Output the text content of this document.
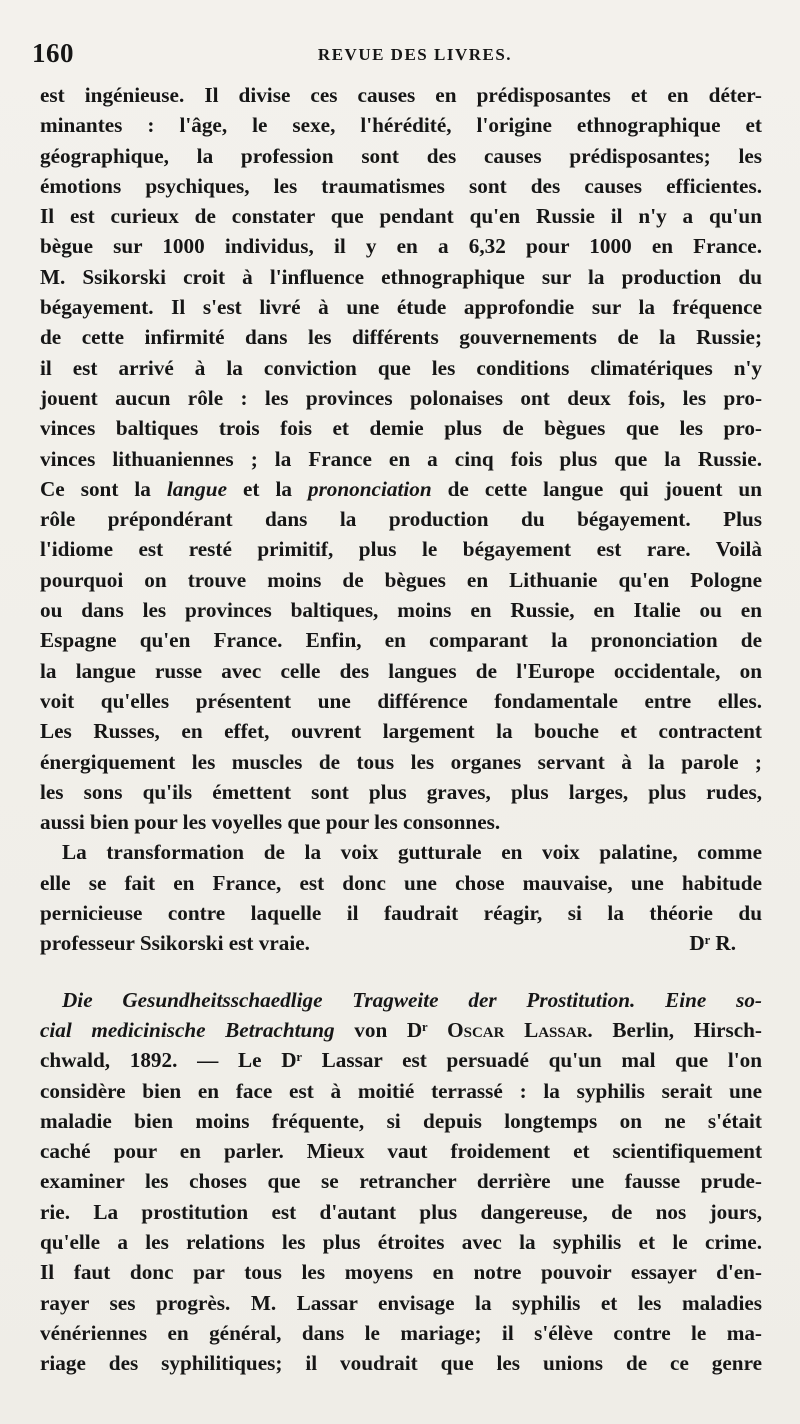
160	REVUE DES LIVRES.
est ingénieuse. Il divise ces causes en prédisposantes et en déter-
minantes : l'âge, le sexe, l'hérédité, l'origine ethnographique et
géographique, la profession sont des causes prédisposantes; les
émotions psychiques, les traumatismes sont des causes efficientes.
Il est curieux de constater que pendant qu'en Russie il n'y a qu'un
bègue sur 1000 individus, il y en a 6,32 pour 1000 en France.
M. Ssikorski croit à l'influence ethnographique sur la production du
bégayement. Il s'est livré à une étude approfondie sur la fréquence
de cette infirmité dans les différents gouvernements de la Russie;
il est arrivé à la conviction que les conditions climatériques n'y
jouent aucun rôle : les provinces polonaises ont deux fois, les pro-
vinces baltiques trois fois et demie plus de bègues que les pro-
vinces lithuaniennes ; la France en a cinq fois plus que la Russie.
Ce sont la langue et la prononciation de cette langue qui jouent un
rôle prépondérant dans la production du bégayement. Plus
l'idiome est resté primitif, plus le bégayement est rare. Voilà
pourquoi on trouve moins de bègues en Lithuanie qu'en Pologne
ou dans les provinces baltiques, moins en Russie, en Italie ou en
Espagne qu'en France. Enfin, en comparant la prononciation de
la langue russe avec celle des langues de l'Europe occidentale, on
voit qu'elles présentent une différence fondamentale entre elles.
Les Russes, en effet, ouvrent largement la bouche et contractent
énergiquement les muscles de tous les organes servant à la parole ;
les sons qu'ils émettent sont plus graves, plus larges, plus rudes,
aussi bien pour les voyelles que pour les consonnes.
La transformation de la voix gutturale en voix palatine, comme
elle se fait en France, est donc une chose mauvaise, une habitude
pernicieuse contre laquelle il faudrait réagir, si la théorie du
professeur Ssikorski est vraie.	Dʳ R.
Die Gesundheitsschaedlige Tragweite der Prostitution. Eine so-
cial medicinische Betrachtung von Dʳ Oscar Lassar. Berlin, Hirsch-
chwald, 1892. — Le Dʳ Lassar est persuadé qu'un mal que l'on
considère bien en face est à moitié terrassé : la syphilis serait une
maladie bien moins fréquente, si depuis longtemps on ne s'était
caché pour en parler. Mieux vaut froidement et scientifiquement
examiner les choses que se retrancher derrière une fausse prude-
rie. La prostitution est d'autant plus dangereuse, de nos jours,
qu'elle a les relations les plus étroites avec la syphilis et le crime.
Il faut donc par tous les moyens en notre pouvoir essayer d'en-
rayer ses progrès. M. Lassar envisage la syphilis et les maladies
vénériennes en général, dans le mariage; il s'élève contre le ma-
riage des syphilitiques; il voudrait que les unions de ce genre
